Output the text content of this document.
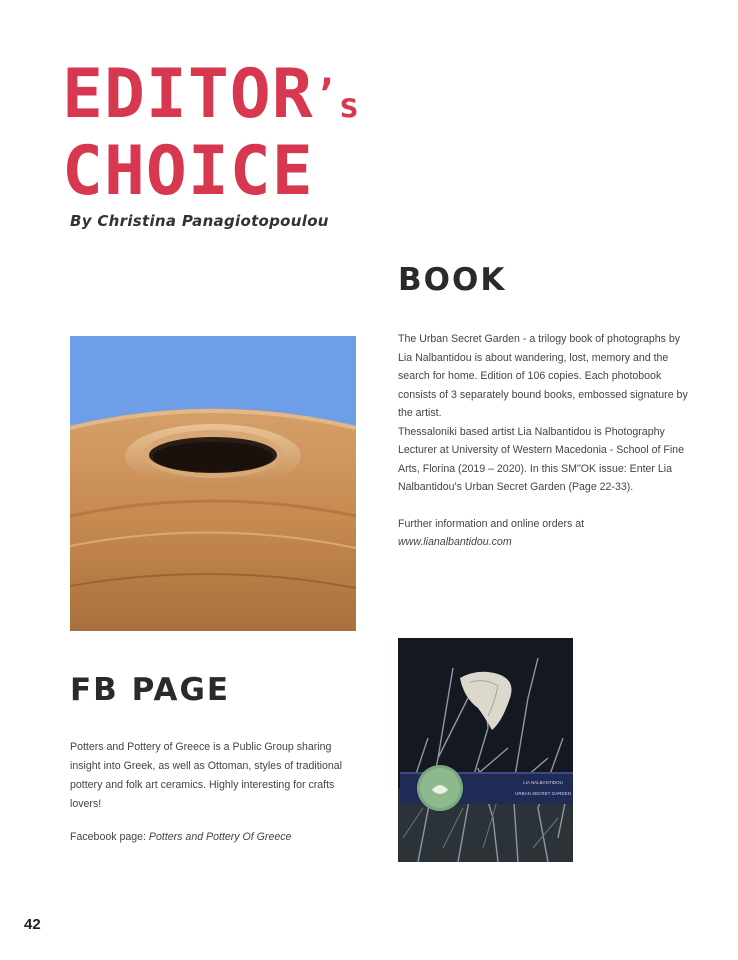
EDITOR’s
CHOICE
By Christina Panagiotopoulou
BOOK

The Urban Secret Garden - a trilogy book of photographs by Lia Nalbantidou is about wandering, lost, memory and the search for home. Edition of 106 copies. Each photobook consists of 3 separately bound books, embossed signature by the artist.

Thessaloniki based artist Lia Nalbantidou is Photography Lecturer at University of Western Macedonia - School of Fine Arts, Florina (2019 – 2020). In this SM"OK issue: Enter Lia Nalbantidou's Urban Secret Garden (Page 22-33).

Further information and online orders at

www.lianalbantidou.com

FB PAGE

Potters and Pottery of Greece is a Public Group sharing insight into Greek, as well as Ottoman, styles of traditional pottery and folk art ceramics. Highly interesting for crafts lovers!

Facebook page: Potters and Pottery Of Greece

LIA NALBANTIDOU
URBAN SECRET GARDEN
42
